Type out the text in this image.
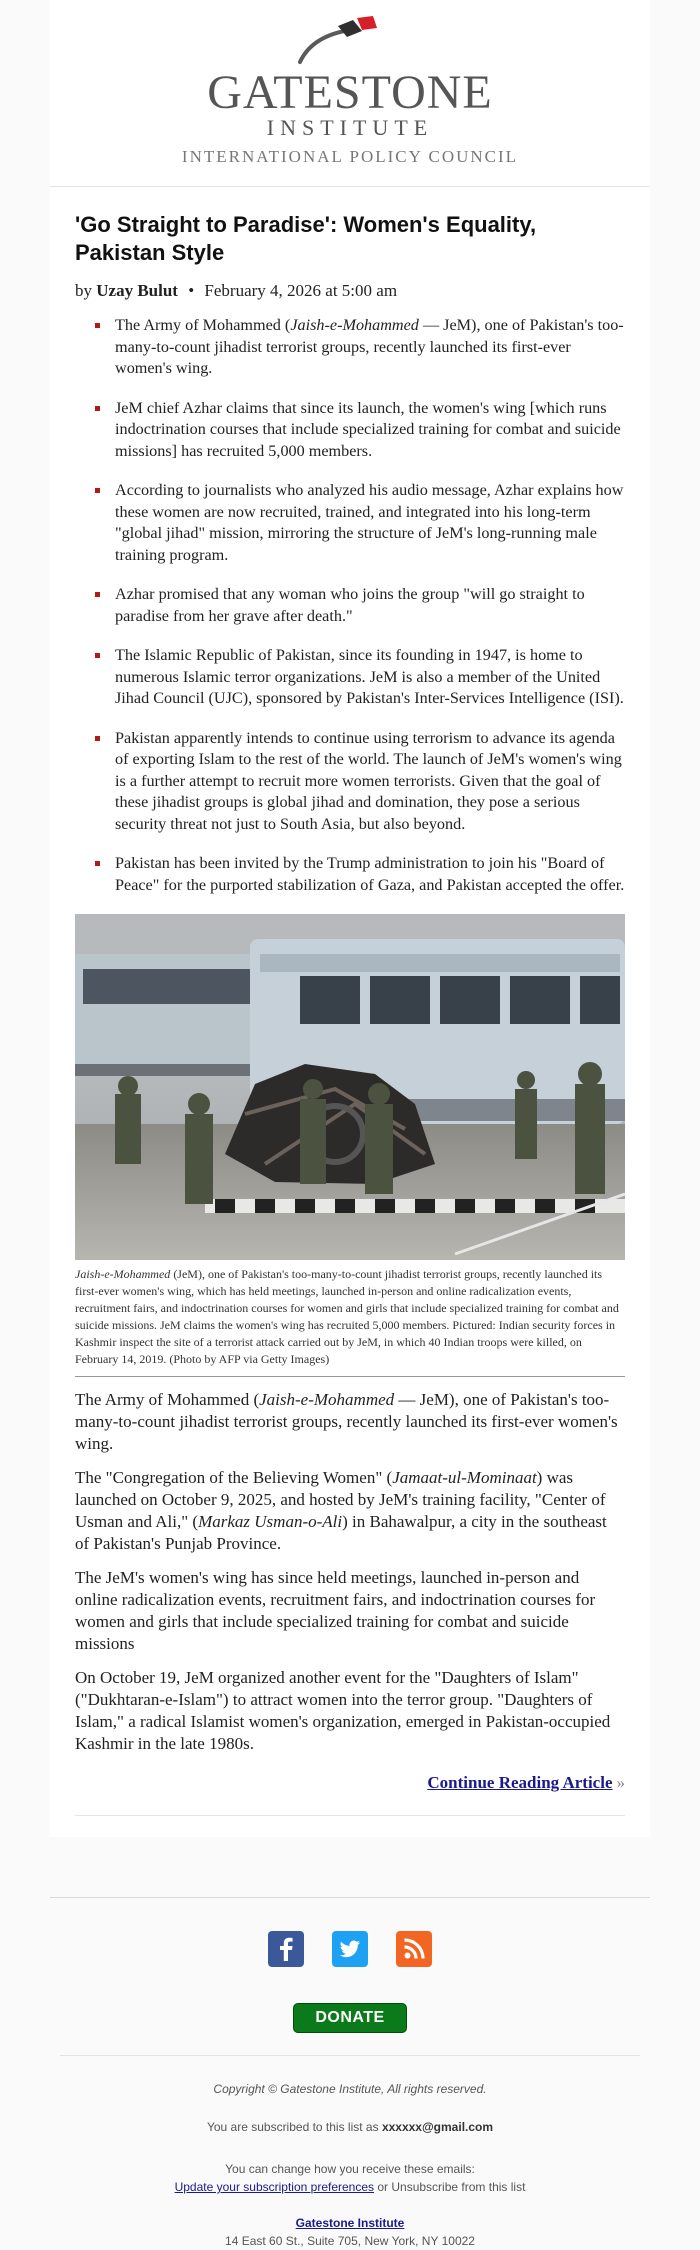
GATESTONE
INSTITUTE
INTERNATIONAL POLICY COUNCIL
'Go Straight to Paradise': Women's Equality, Pakistan Style
by Uzay Bulut • February 4, 2026 at 5:00 am
The Army of Mohammed (Jaish-e-Mohammed — JeM), one of Pakistan's too-many-to-count jihadist terrorist groups, recently launched its first-ever women's wing.
JeM chief Azhar claims that since its launch, the women's wing [which runs indoctrination courses that include specialized training for combat and suicide missions] has recruited 5,000 members.
According to journalists who analyzed his audio message, Azhar explains how these women are now recruited, trained, and integrated into his long-term "global jihad" mission, mirroring the structure of JeM's long-running male training program.
Azhar promised that any woman who joins the group "will go straight to paradise from her grave after death."
The Islamic Republic of Pakistan, since its founding in 1947, is home to numerous Islamic terror organizations. JeM is also a member of the United Jihad Council (UJC), sponsored by Pakistan's Inter-Services Intelligence (ISI).
Pakistan apparently intends to continue using terrorism to advance its agenda of exporting Islam to the rest of the world. The launch of JeM's women's wing is a further attempt to recruit more women terrorists. Given that the goal of these jihadist groups is global jihad and domination, they pose a serious security threat not just to South Asia, but also beyond.
Pakistan has been invited by the Trump administration to join his "Board of Peace" for the purported stabilization of Gaza, and Pakistan accepted the offer.
Jaish-e-Mohammed (JeM), one of Pakistan's too-many-to-count jihadist terrorist groups, recently launched its first-ever women's wing, which has held meetings, launched in-person and online radicalization events, recruitment fairs, and indoctrination courses for women and girls that include specialized training for combat and suicide missions. JeM claims the women's wing has recruited 5,000 members. Pictured: Indian security forces in Kashmir inspect the site of a terrorist attack carried out by JeM, in which 40 Indian troops were killed, on February 14, 2019. (Photo by AFP via Getty Images)

The Army of Mohammed (Jaish-e-Mohammed — JeM), one of Pakistan's too-many-to-count jihadist terrorist groups, recently launched its first-ever women's wing.

The "Congregation of the Believing Women" (Jamaat-ul-Mominaat) was launched on October 9, 2025, and hosted by JeM's training facility, "Center of Usman and Ali," (Markaz Usman-o-Ali) in Bahawalpur, a city in the southeast of Pakistan's Punjab Province.

The JeM's women's wing has since held meetings, launched in-person and online radicalization events, recruitment fairs, and indoctrination courses for women and girls that include specialized training for combat and suicide missions

On October 19, JeM organized another event for the "Daughters of Islam" ("Dukhtaran-e-Islam") to attract women into the terror group. "Daughters of Islam," a radical Islamist women's organization, emerged in Pakistan-occupied Kashmir in the late 1980s.

Continue Reading Article »

DONATE
Copyright © Gatestone Institute, All rights reserved.
You are subscribed to this list as xxxxxx@gmail.com
You can change how you receive these emails:
Update your subscription preferences or Unsubscribe from this list
Gatestone Institute
14 East 60 St., Suite 705, New York, NY 10022
